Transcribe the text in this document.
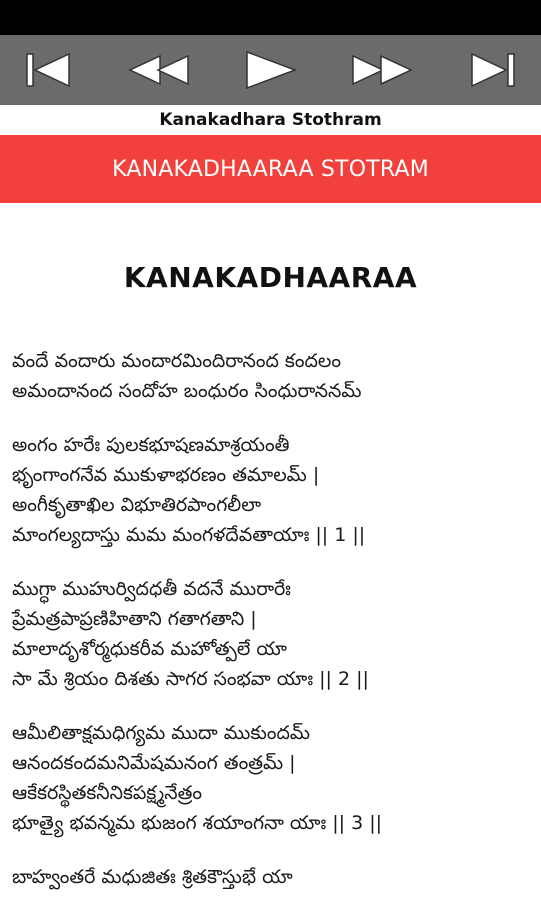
Kanakadhara Stothram
KANAKADHAARAA STOTRAM
KANAKADHAARAA
వందే వందారు మందారమిందిరానంద కందలం
అమందానంద సందోహ బంధురం సింధురాననమ్
అంగం హరేః పులకభూషణమాశ్రయంతీ
భృంగాంగనేవ ముకుళాభరణం తమాలమ్ |
అంగీకృతాఖిల విభూతిరపాంగలీలా
మాంగల్యదాస్తు మమ మంగళదేవతాయాః || 1 ||
ముగ్ధా ముహుర్విదధతీ వదనే మురారేః
ప్రేమత్రపాప్రణిహితాని గతాగతాని |
మాలాదృశోర్మధుకరీవ మహోత్పలే యా
సా మే శ్రియం దిశతు సాగర సంభవా యాః || 2 ||
ఆమీలితాక్షమధిగ్యమ ముదా ముకుందమ్
ఆనందకందమనిమేషమనంగ తంత్రమ్ |
ఆకేకరస్థితకనీనికపక్ష్మనేత్రం
భూత్యై భవన్మమ భుజంగ శయాంగనా యాః || 3 ||
బాహ్వంతరే మధుజితః శ్రితకౌస్తుభే యా
